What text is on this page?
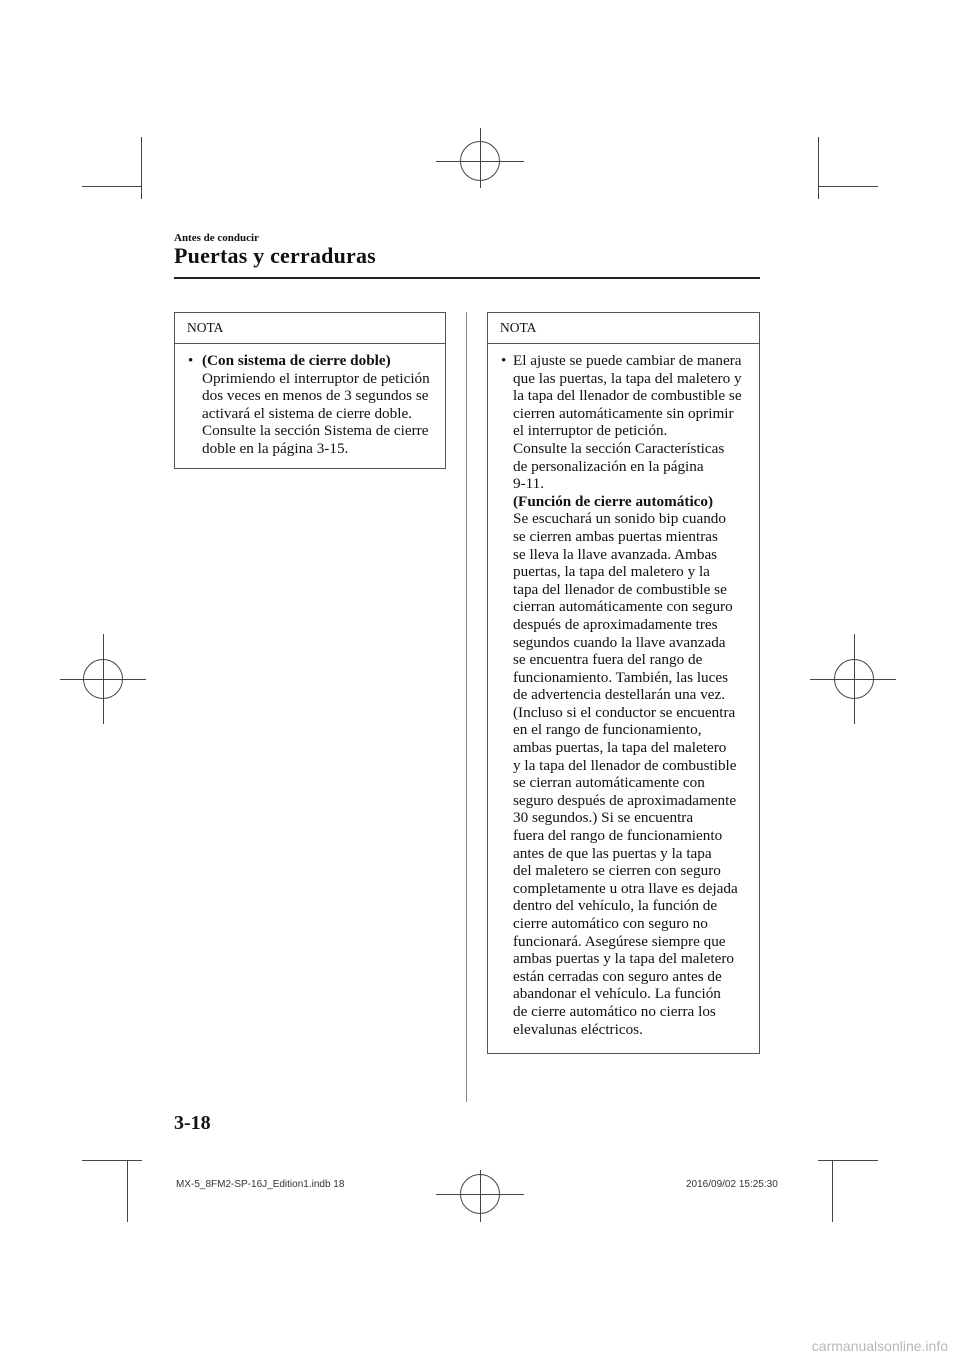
Antes de conducir
Puertas y cerraduras
NOTA
• (Con sistema de cierre doble)
Oprimiendo el interruptor de petición
dos veces en menos de 3 segundos se
activará el sistema de cierre doble.
Consulte la sección Sistema de cierre
doble en la página 3-15.
NOTA
• El ajuste se puede cambiar de manera
que las puertas, la tapa del maletero y
la tapa del llenador de combustible se
cierren automáticamente sin oprimir
el interruptor de petición.
Consulte la sección Características
de personalización en la página
9-11.
(Función de cierre automático)
Se escuchará un sonido bip cuando
se cierren ambas puertas mientras
se lleva la llave avanzada. Ambas
puertas, la tapa del maletero y la
tapa del llenador de combustible se
cierran automáticamente con seguro
después de aproximadamente tres
segundos cuando la llave avanzada
se encuentra fuera del rango de
funcionamiento. También, las luces
de advertencia destellarán una vez.
(Incluso si el conductor se encuentra
en el rango de funcionamiento,
ambas puertas, la tapa del maletero
y la tapa del llenador de combustible
se cierran automáticamente con
seguro después de aproximadamente
30 segundos.) Si se encuentra
fuera del rango de funcionamiento
antes de que las puertas y la tapa
del maletero se cierren con seguro
completamente u otra llave es dejada
dentro del vehículo, la función de
cierre automático con seguro no
funcionará. Asegúrese siempre que
ambas puertas y la tapa del maletero
están cerradas con seguro antes de
abandonar el vehículo. La función
de cierre automático no cierra los
elevalunas eléctricos.
3-18
MX-5_8FM2-SP-16J_Edition1.indb 18	2016/09/02 15:25:30
carmanualsonline.info
